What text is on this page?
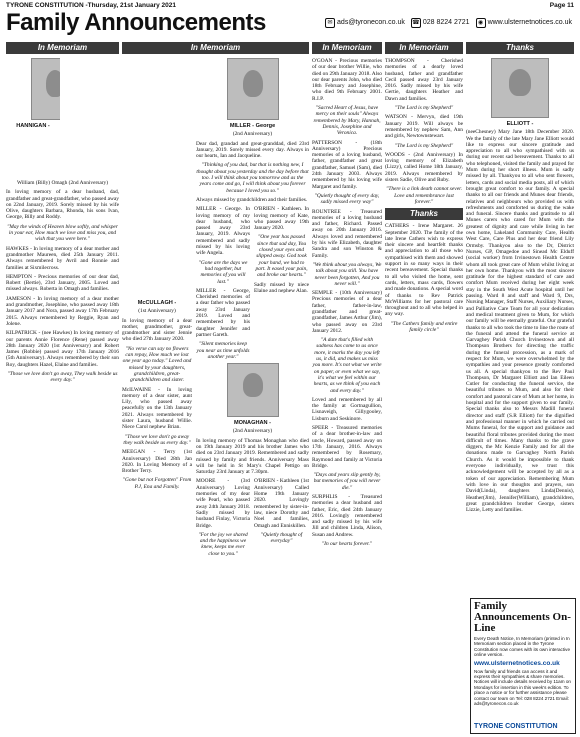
TYRONE CONSTITUTION -Thursday, 21st January 2021	Page 11
Family Announcements	✉ ads@tyronecon.co.uk ☎ 028 8224 2721	◉ www.ulsternetnotices.co.uk
In Memoriam	In Memoriam	In Memoriam	In Memoriam	Thanks
HANNIGAN -

William (Billy) Omagh (2nd Anniversary)

In loving memory of a dear husband, dad, grandfather and great-grandfather, who passed away on 22nd January, 2019. Sorely missed by his wife Olive, daughters Barbara, Rhonda, his sons Ivan, George, Billy and Roddy.

"May the winds of Heaven blow softly, and whisper in your ear, How much we love and miss you, and wish that you were here."

HAWKES - In loving memory of a dear mother and grandmother Maureen, died 25th January 2011. Always remembered by Avril and Ronnie and families at Sixmilecross.

HEMPTON - Precious memories of our dear dad, Robert (Bertie), 23rd January, 2005. Loved and missed always. Roberta in Omagh and families.

JAMESON - In loving memory of a dear mother and grandmother, Josephine, who passed away 18th January 2017 and Nora, passed away 17th February 2015. Always remembered by Reggie, Ryan and Jolene.

KILPATRICK - (nee Hawkes) In loving memory of our parents Annie Florence (Rene) passed away 28th January 2020 (1st Anniversary) and Robert James (Robbie) passed away 17th January 2016 (5th Anniversary). Always remembered by their son Roy, daughters Hazel, Elaine and families.

"Those we love don't go away, They walk beside us every day."

McCULLAGH -

(1st Anniversary)

In loving memory of a dear mother, grandmother, great-grandmother and sister Jennie who died 27th January 2020.

"No verse can say no flowers can repay, How much we lost one year ago today." Loved and missed by your daughters, grandchildren, great-grandchildren and sister.

McILWAINE - In loving memory of a dear sister, aunt Lily, who passed away peacefully on the 13th January 2021. Always remembered by sister Laura, husband Willie. Niece Carol nephew Brian.

"Those we love don't go away they walk beside us every day."

MEEGAN - Terry (1st Anniversary) Died 28th Jan 2020. In Loving Memory of a Brother Terry.

"Gone but not Forgotten" From P.J, Ena and Family.

MILLER - George

(2nd Anniversary)

Dear dad, grandad and great-granddad, died 23rd January, 2019. Sorely missed every day. Always in our hearts, Ian and Jacqueline.

"Thinking of you dad, but that is nothing new, I thought about you yesterday and the day before that too. I will think about you tomorrow and as the years come and go, I will think about you forever because I loved you so."

Always missed by grandchildren and their families.

MILLER - George. In loving memory of my dear husband, who passed away 23rd January, 2019. Always remembered and sadly missed by his loving wife Angela.

"Gone are the days we had together, but memories of you will last."

MILLER - George, Cherished memories of a dear father who passed away 23rd January 2019. Loved and remembered by his daughter Jennifer and partner Gareth.

"Silent memories keep you near as time unfolds another year."

O'BRIEN - Kathleen. In loving memory of Kate, who passed away 19th January 2020.

"One year has passed since that sad day, You closed your eyes and slipped away. God took your hand, we had to part. It eased your pain, and broke our hearts."

Sadly missed by niece Elaine and nephew Alan.

MONAGHAN -

(2nd Anniversary)

In loving memory of Thomas Monaghan who died on 19th January 2019 and his brother James who died on 23rd January 2019. Remembered and sadly missed by family and friends. Anniversary Mass will be held in St Mary's Chapel Pettigo on Saturday 23rd January at 7.30pm.

MOORE - (3rd Anniversary) Loving memories of my dear wife Pearl, who passed away 24th January 2018. Sadly missed by husband Finlay, Victoria Bridge.

"For the joy we shared and the happiness we knew, keeps me ever close to you."

O'BRIEN - Kathleen (1st Anniversary) Called Home 19th January 2020. Lovingly remembered by sister-in-law, niece Dorothy and Noel and families, Omagh and Enniskillen.

"Quietly thought of everyday"

O'GOAN - Precious memories of our dear brother Willie, who died on 29th January 2018. Also our dear parents John, who died 18th February and Josephine, who died 9th February 2001. R.I.P.

"Sacred Heart of Jesus, have mercy on their souls" Always remembered by Mary, Hannah, Dennis, Josephine and Veronica.

PATTERSON - (18th Anniversary) Precious memories of a loving husband, father, grandfather and great grandfather, Samuel (Sam), died 24th January 2003. Always remembered by his loving wife Margaret and family.

"Quietly thought of every day, sadly missed every way"

ROUNTREE - Treasured memories of a loving husband and father, Richard. Passed away on 20th January 2016. Always loved and remembered by his wife Elizabeth, daughter Sandra and son Winston & Family.

"We think about you always, We talk about you still. You have never been forgotten, And you never will."

SEMPLE - (10th Anniversary) Precious memories of a dear father, father-in-law, grandfather and great-grandfather, James Arthur (Jim), who passed away on 23rd January 2012.

"A date that's filled with sadness has come to us once more, it marks the day you left us, it did, and makes us miss you more. It's not what we write on paper, or even what we say, it's what we feel within our hearts, as we think of you each and every day."

Loved and remembered by all the family at Gortnagullion, Lisnaveigh, Gillygooley, Lisburn and Seskinore.

SPEER - Treasured memories of a dear brother-in-law and uncle, Howard, passed away on 17th January, 2016. Always remembered by Rosemary, Raymond and family at Victoria Bridge.

"Days and years slip gently by, but memories of you will never die."

SURPHLIS - Treasured memories a dear husband and father, Eric, died 24th January 2016. Lovingly remembered and sadly missed by his wife Jill and children Linda, Alison, Susan and Andrew.

"In our hearts forever."

THOMPSON - Cherished memories of a dearly loved husband, father and grandfather Cecil passed away 23rd January 2016. Sadly missed by his wife Gertie, daughters Heather and Dawn and families.

"The Lord is my Shepherd"

WATSON - Mervyn, died 19th January 2019. Will always be remembered by nephew Sam, Ann and girls, Newtownstewart.

"The Lord is my Shepherd"

WOODS - (2nd Anniversary) In loving memory of Elizabeth (Lizzy), called Home 18th January, 2019. Always remembered by sisters Sadie, Olive and Ruby.

"There is a link death cannot sever. Love and remembrance last forever."

Thanks

CATHERS - Irene Margaret. 26 September 2020. The family of the late Irene Cathers wish to express their sincere and heartfelt thanks and appreciation to all those who sympathised with them and showed support in so many ways in their recent bereavement. Special thanks to all who visited the home, sent cards, letters, mass cards, flowers and made donations. A special word of thanks to Rev Patrick McWilliams for her pastoral care throughout and to all who helped in any way.

"The Cathers family and entire family circle"

ELLIOTT -

(neeChesney) Mary Jane 18th December 2020. We the family of the late Mary Jane Elliott would like to express our sincere gratitude and appreciation to all who sympathised with us during our recent sad bereavement. Thanks to all who telephoned, visited the family and prayed for Mum during her short illness. Mum is sadly missed by all. Thankyou to all who sent flowers, letters, cards and social media posts, all of which brought great comfort to our family. A special thanks to all our friends and Munes dear friends, relatives and neighbours who provided us with refreshments and comforted us during the wake and funeral. Sincere thanks and gratitude to all Munes carers who cared for Mum with the greatest of dignity and care while living in her own home, Lakeland Community Care, Health West Care, Care Plus and her dear friend Lily Ormsby. Thankyou also to the Dr, District Nurses, GP, Omagedoe and Sinead Mc Elduff (social worker) from Irvinestown Health Centre whom all took great care of Mum whilst living at her own home. Thankyou with the most sincere gratitude for the highest standard of care and comfort Mum received during her eight week stay in the South West Acute hospital until her passing. Ward 8 and staff and Ward 9, Drs, Nursing Manager, Staff Nurses, Auxiliary Nurses, and Palliative Care Team for all your dedication and medical treatment given to Mum, for which our family will be eternally grateful. Our grateful thanks to all who took the time to line the route of the funeral and attend the funeral service at Garvaghey Parish Church Irvinestown and all Thompson Brothers for directing the traffic during the funeral procession, as a mark of respect for Mum, we were overwhelmed by the sympathies and your presence greatly comforted us all. A special thankyou to the Rev Paul Thompson, Dr Margaret Elliott and Ian Eileen Cutler for conducting the funeral service, the beautiful tributes to Mum, and also for their comfort and pastoral care of Mum at her home, in hospital and for the support given to our family. Special thanks also to Messrs Madill funeral director and staff (S.R Elliott) for the dignified and professional manner in which he carried out Mums funeral, for the support and guidance and beautiful floral tributes provided during the most difficult of times. Many thanks to the grave diggers, the Mc Kenzie Family and for all the donations made to Garvaghey North Parish Church. As it would be impossible to thank everyone individually, we trust this acknowledgement will be accepted by all as a token of our appreciation. Remembering Mum with love in our thoughts and prayers, son David(Linda), daughters Linda(Dennis), Heather(Jim), Jennifer(William), grandchildren, great grandchildren brother George, sisters Lizzie, Letty and families.

Family Announcements On-Line
Every Death Notice, In Memoriam (printed in In Memoriam section placed in the Tyrone Constitution now comes with its own interactive online version.
www.ulsternetnotices.co.uk
Now family and friends can access it and express their sympathies & share memories. Notices will include details received by 11am on Mondays for insertion in this week's edition. To place a notice or for further assistance please contact our team on Tel: 028 8224 2721 Email: ads@tyronecon.co.uk
TYRONE CONSTITUTION
